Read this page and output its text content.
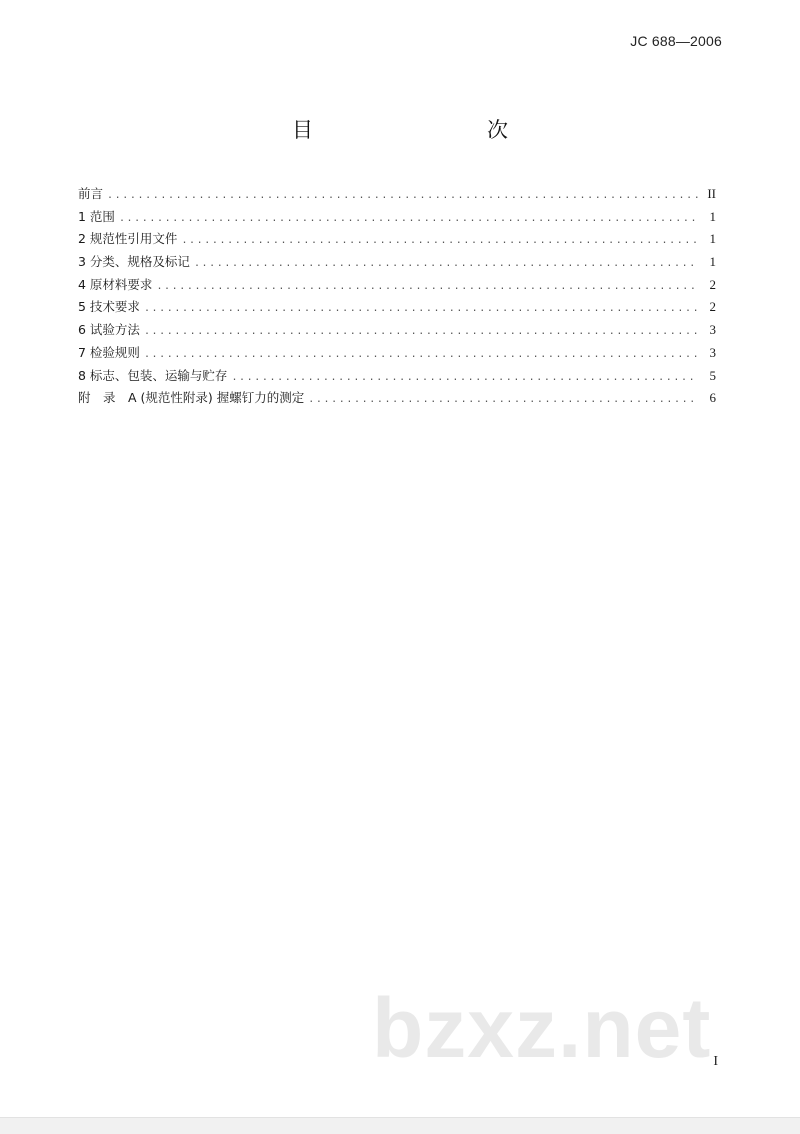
JC 688—2006
目　　次
前言 .....	II
1 范围 .....	1
2 规范性引用文件 .....	1
3 分类、规格及标记 .....	1
4 原材料要求 .....	2
5 技术要求 .....	2
6 试验方法 .....	3
7 检验规则 .....	3
8 标志、包装、运输与贮存 .....	5
附　录　A (规范性附录) 握螺钉力的测定 .....	6
bzxz.net I
